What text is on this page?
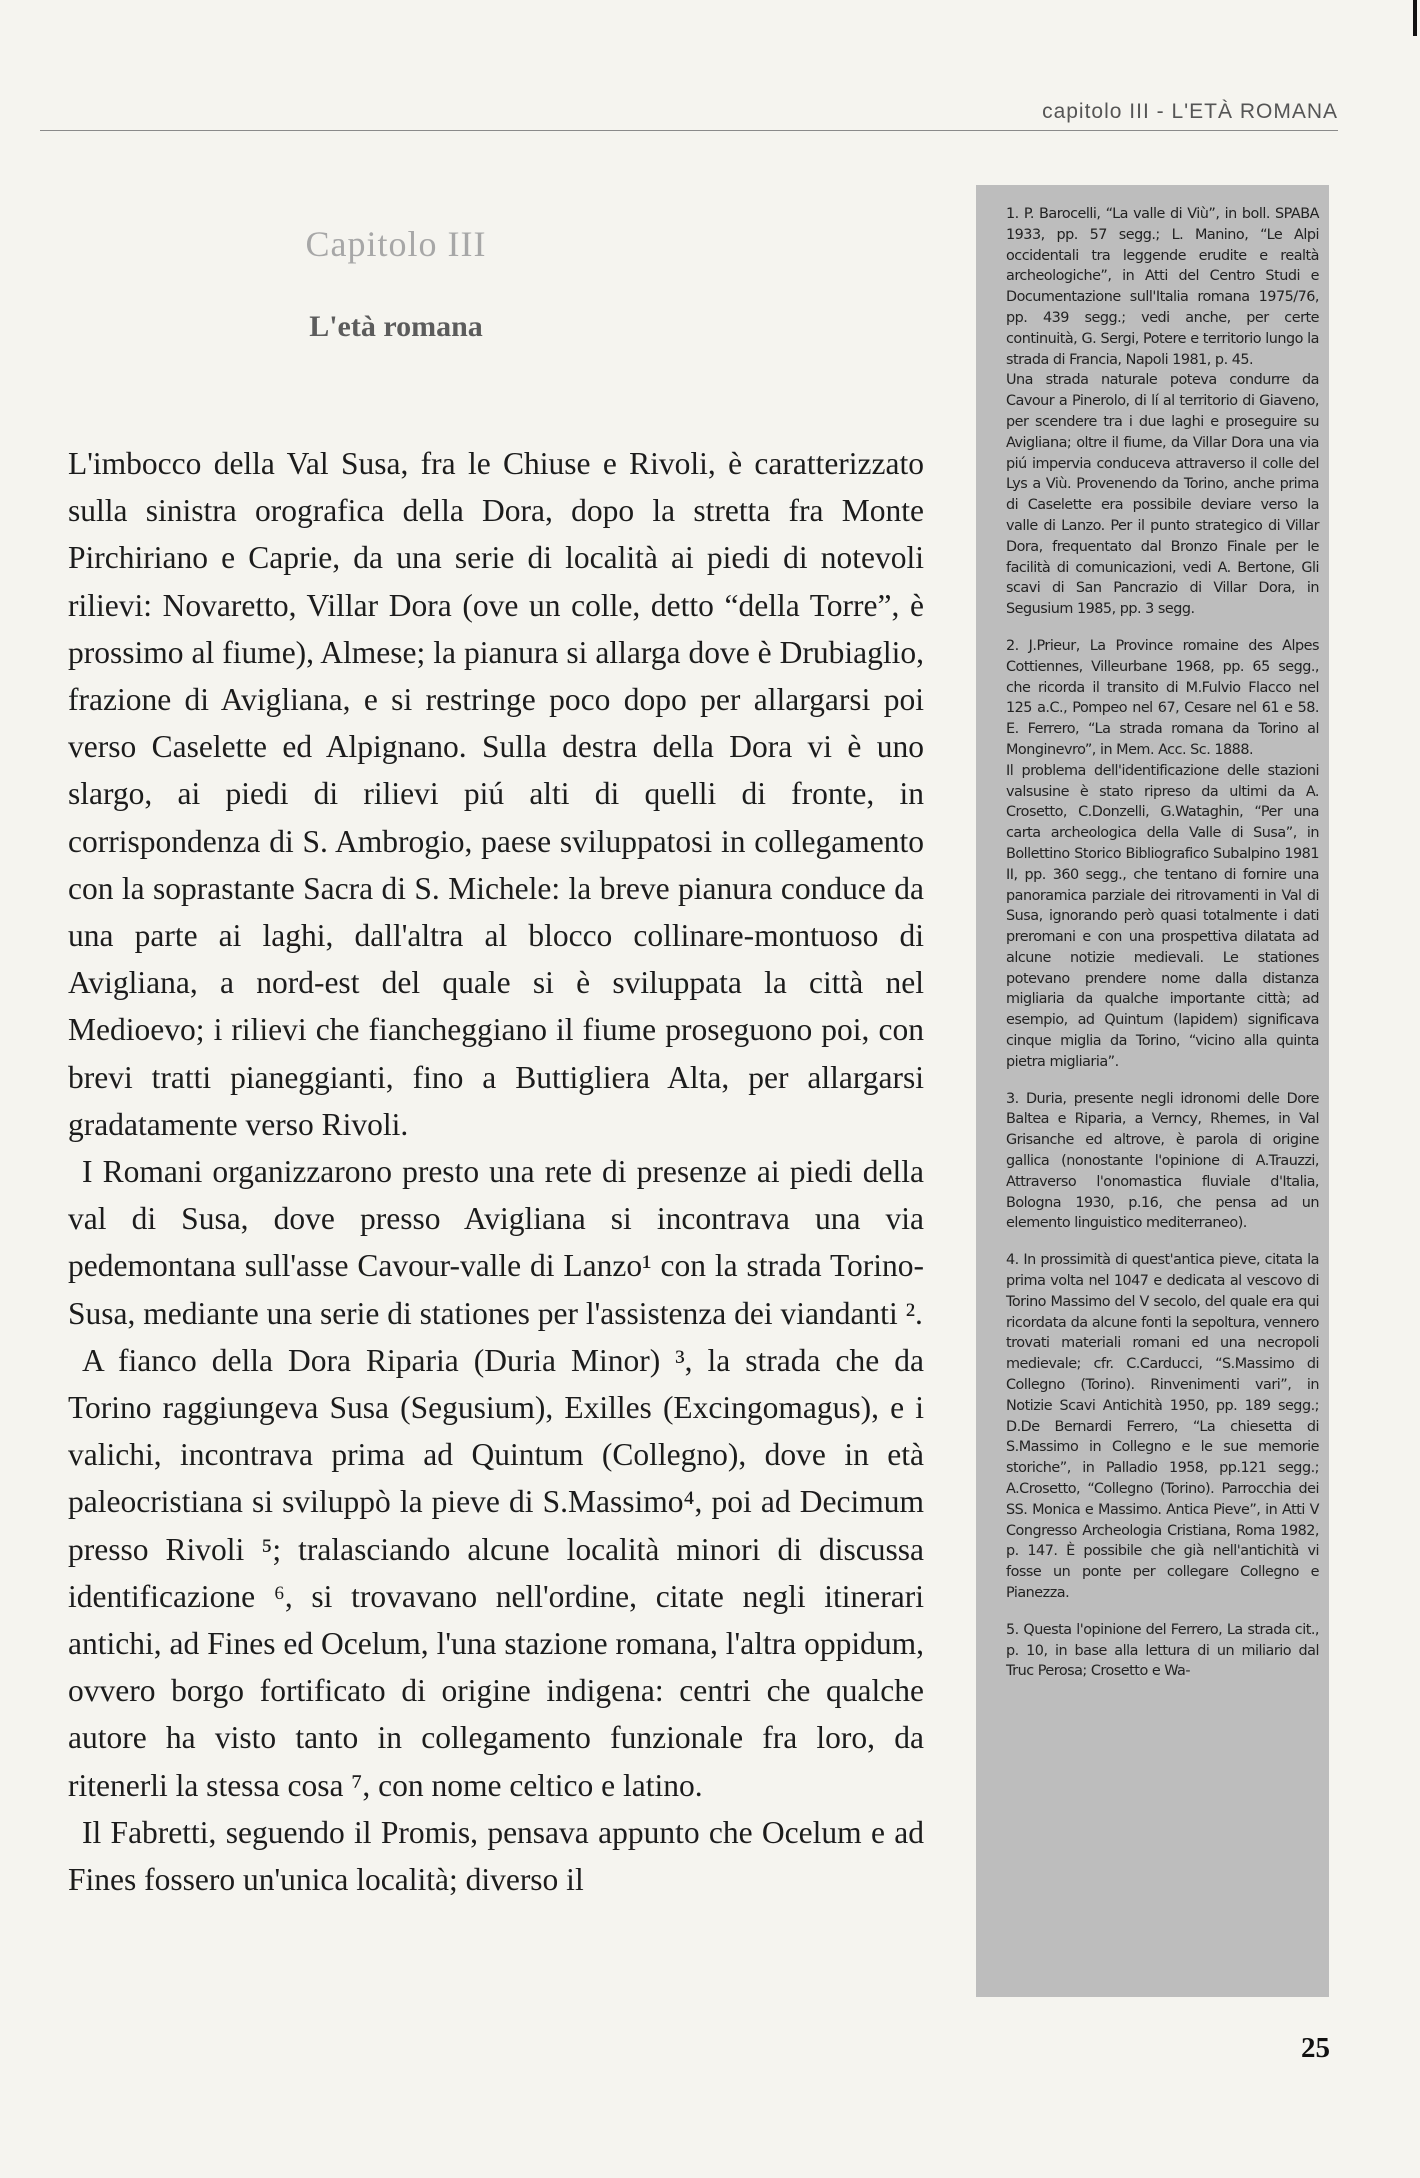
capitolo III - L'ETÀ ROMANA
Capitolo III
L'età romana

L'imbocco della Val Susa, fra le Chiuse e Rivoli, è caratterizzato sulla sinistra orografica della Dora, dopo la stretta fra Monte Pirchiriano e Caprie, da una serie di località ai piedi di notevoli rilievi: Novaretto, Villar Dora (ove un colle, detto “della Torre”, è prossimo al fiume), Almese; la pianura si allarga dove è Drubiaglio, frazione di Avigliana, e si restringe poco dopo per allargarsi poi verso Caselette ed Alpignano. Sulla destra della Dora vi è uno slargo, ai piedi di rilievi piú alti di quelli di fronte, in corrispondenza di S. Ambrogio, paese sviluppatosi in collegamento con la soprastante Sacra di S. Michele: la breve pianura conduce da una parte ai laghi, dall'altra al blocco collinare-montuoso di Avigliana, a nord-est del quale si è sviluppata la città nel Medioevo; i rilievi che fiancheggiano il fiume proseguono poi, con brevi tratti pianeggianti, fino a Buttigliera Alta, per allargarsi gradatamente verso Rivoli.

I Romani organizzarono presto una rete di presenze ai piedi della val di Susa, dove presso Avigliana si incontrava una via pedemontana sull'asse Cavour-valle di Lanzo¹ con la strada Torino-Susa, mediante una serie di stationes per l'assistenza dei viandanti ².

A fianco della Dora Riparia (Duria Minor) ³, la strada che da Torino raggiungeva Susa (Segusium), Exilles (Excingomagus), e i valichi, incontrava prima ad Quintum (Collegno), dove in età paleocristiana si sviluppò la pieve di S.Massimo⁴, poi ad Decimum presso Rivoli ⁵; tralasciando alcune località minori di discussa identificazione ⁶, si trovavano nell'ordine, citate negli itinerari antichi, ad Fines ed Ocelum, l'una stazione romana, l'altra oppidum, ovvero borgo fortificato di origine indigena: centri che qualche autore ha visto tanto in collegamento funzionale fra loro, da ritenerli la stessa cosa ⁷, con nome celtico e latino.

Il Fabretti, seguendo il Promis, pensava appunto che Ocelum e ad Fines fossero un'unica località; diverso il

1. P. Barocelli, “La valle di Viù”, in boll. SPABA 1933, pp. 57 segg.; L. Manino, “Le Alpi occidentali tra leggende erudite e realtà archeologiche”, in Atti del Centro Studi e Documentazione sull'Italia romana 1975/76, pp. 439 segg.; vedi anche, per certe continuità, G. Sergi, Potere e territorio lungo la strada di Francia, Napoli 1981, p. 45.

Una strada naturale poteva condurre da Cavour a Pinerolo, di lí al territorio di Giaveno, per scendere tra i due laghi e proseguire su Avigliana; oltre il fiume, da Villar Dora una via piú impervia conduceva attraverso il colle del Lys a Viù. Provenendo da Torino, anche prima di Caselette era possibile deviare verso la valle di Lanzo. Per il punto strategico di Villar Dora, frequentato dal Bronzo Finale per le facilità di comunicazioni, vedi A. Bertone, Gli scavi di San Pancrazio di Villar Dora, in Segusium 1985, pp. 3 segg.

2. J.Prieur, La Province romaine des Alpes Cottiennes, Villeurbane 1968, pp. 65 segg., che ricorda il transito di M.Fulvio Flacco nel 125 a.C., Pompeo nel 67, Cesare nel 61 e 58. E. Ferrero, “La strada romana da Torino al Monginevro”, in Mem. Acc. Sc. 1888.

Il problema dell'identificazione delle stazioni valsusine è stato ripreso da ultimi da A. Crosetto, C.Donzelli, G.Wataghin, “Per una carta archeologica della Valle di Susa”, in Bollettino Storico Bibliografico Subalpino 1981 II, pp. 360 segg., che tentano di fornire una panoramica parziale dei ritrovamenti in Val di Susa, ignorando però quasi totalmente i dati preromani e con una prospettiva dilatata ad alcune notizie medievali. Le stationes potevano prendere nome dalla distanza migliaria da qualche importante città; ad esempio, ad Quintum (lapidem) significava cinque miglia da Torino, “vicino alla quinta pietra migliaria”.

3. Duria, presente negli idronomi delle Dore Baltea e Riparia, a Verncy, Rhemes, in Val Grisanche ed altrove, è parola di origine gallica (nonostante l'opinione di A.Trauzzi, Attraverso l'onomastica fluviale d'Italia, Bologna 1930, p.16, che pensa ad un elemento linguistico mediterraneo).

4. In prossimità di quest'antica pieve, citata la prima volta nel 1047 e dedicata al vescovo di Torino Massimo del V secolo, del quale era qui ricordata da alcune fonti la sepoltura, vennero trovati materiali romani ed una necropoli medievale; cfr. C.Carducci, “S.Massimo di Collegno (Torino). Rinvenimenti vari”, in Notizie Scavi Antichità 1950, pp. 189 segg.; D.De Bernardi Ferrero, “La chiesetta di S.Massimo in Collegno e le sue memorie storiche”, in Palladio 1958, pp.121 segg.; A.Crosetto, “Collegno (Torino). Parrocchia dei SS. Monica e Massimo. Antica Pieve”, in Atti V Congresso Archeologia Cristiana, Roma 1982, p. 147. È possibile che già nell'antichità vi fosse un ponte per collegare Collegno e Pianezza.

5. Questa l'opinione del Ferrero, La strada cit., p. 10, in base alla lettura di un miliario dal Truc Perosa; Crosetto e Wa-

25
